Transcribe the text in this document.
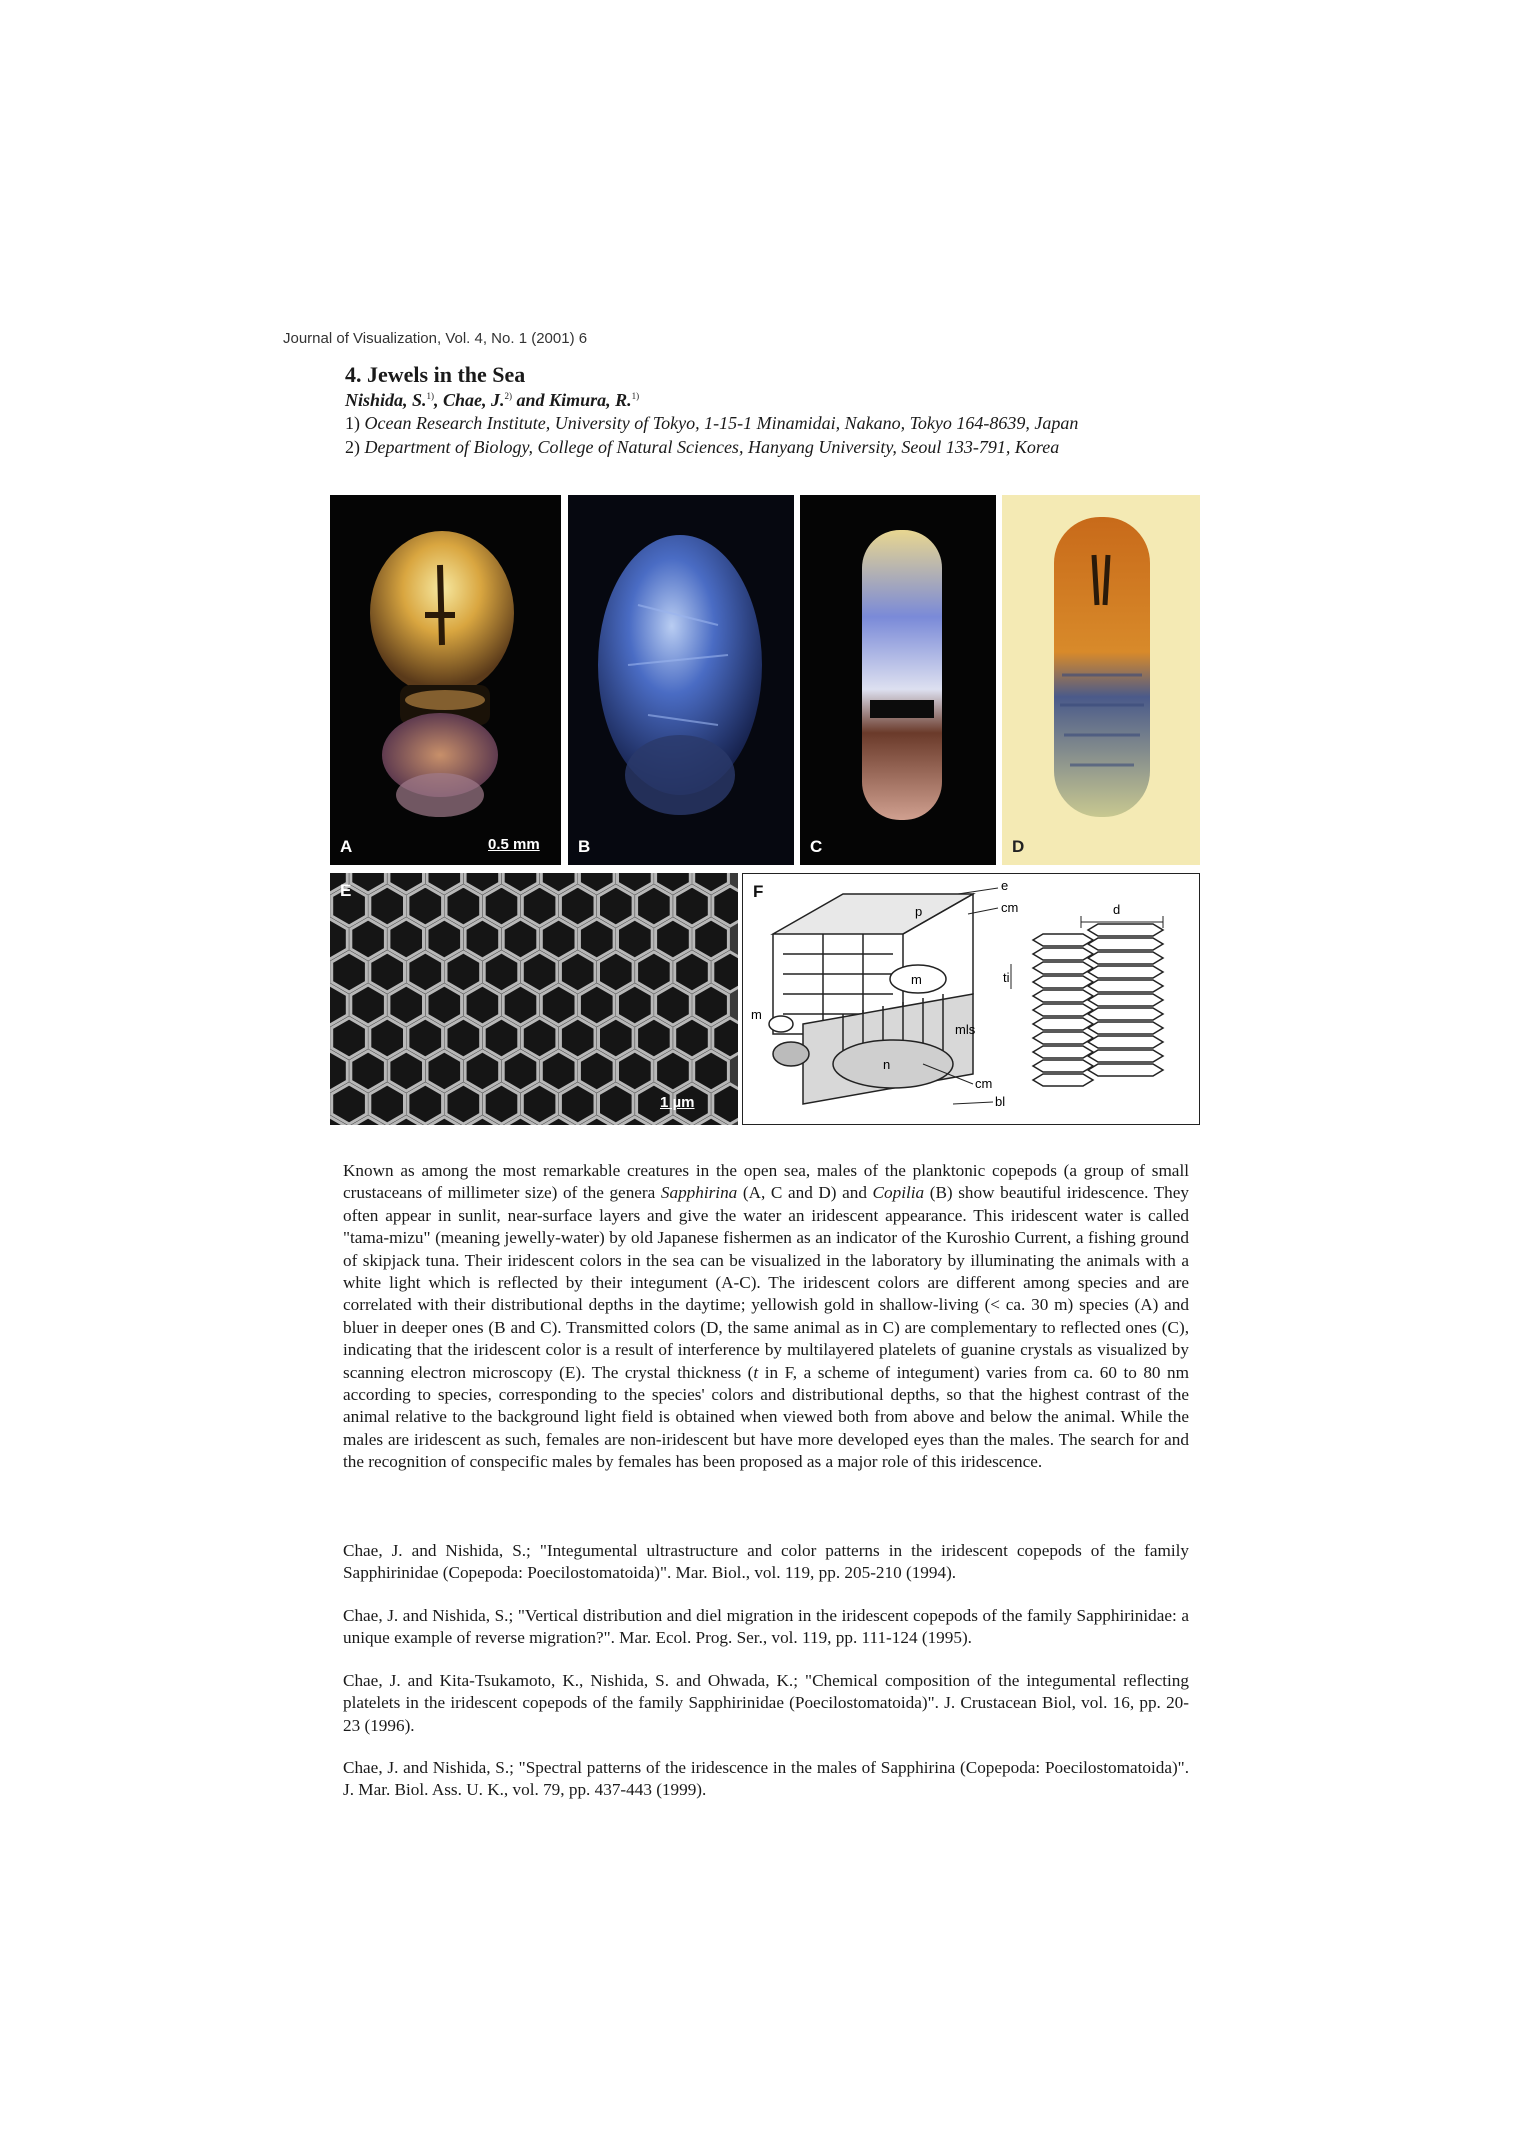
Journal of Visualization, Vol. 4, No. 1 (2001) 6
4. Jewels in the Sea
Nishida, S.$^{1)}$, Chae, J.$^{2)}$ and Kimura, R.$^{1)}$
1) Ocean Research Institute, University of Tokyo, 1-15-1 Minamidai, Nakano, Tokyo 164-8639, Japan
2) Department of Biology, College of Natural Sciences, Hanyang University, Seoul 133-791, Korea
A	0.5 mm B	C	D
E
1 µm
d
e
cm
p
m
m
ti
mls
n
cm
bl
F
Known as among the most remarkable creatures in the open sea, males of the planktonic copepods (a group of small crustaceans of millimeter size) of the genera Sapphirina (A, C and D) and Copilia (B) show beautiful iridescence. They often appear in sunlit, near-surface layers and give the water an iridescent appearance. This iridescent water is called "tama-mizu" (meaning jewelly-water) by old Japanese fishermen as an indicator of the Kuroshio Current, a fishing ground of skipjack tuna. Their iridescent colors in the sea can be visualized in the laboratory by illuminating the animals with a white light which is reflected by their integument (A-C). The iridescent colors are different among species and are correlated with their distributional depths in the daytime; yellowish gold in shallow-living (< ca. 30 m) species (A) and bluer in deeper ones (B and C). Transmitted colors (D, the same animal as in C) are complementary to reflected ones (C), indicating that the iridescent color is a result of interference by multilayered platelets of guanine crystals as visualized by scanning electron microscopy (E). The crystal thickness (t in F, a scheme of integument) varies from ca. 60 to 80 nm according to species, corresponding to the species' colors and distributional depths, so that the highest contrast of the animal relative to the background light field is obtained when viewed both from above and below the animal. While the males are iridescent as such, females are non-iridescent but have more developed eyes than the males. The search for and the recognition of conspecific males by females has been proposed as a major role of this iridescence.
Chae, J. and Nishida, S.; "Integumental ultrastructure and color patterns in the iridescent copepods of the family Sapphirinidae (Copepoda: Poecilostomatoida)". Mar. Biol., vol. 119, pp. 205-210 (1994).
Chae, J. and Nishida, S.; "Vertical distribution and diel migration in the iridescent copepods of the family Sapphirinidae: a unique example of reverse migration?". Mar. Ecol. Prog. Ser., vol. 119, pp. 111-124 (1995).
Chae, J. and Kita-Tsukamoto, K., Nishida, S. and Ohwada, K.; "Chemical composition of the integumental reflecting platelets in the iridescent copepods of the family Sapphirinidae (Poecilostomatoida)". J. Crustacean Biol, vol. 16, pp. 20-23 (1996).
Chae, J. and Nishida, S.; "Spectral patterns of the iridescence in the males of Sapphirina (Copepoda: Poecilostomatoida)". J. Mar. Biol. Ass. U. K., vol. 79, pp. 437-443 (1999).
